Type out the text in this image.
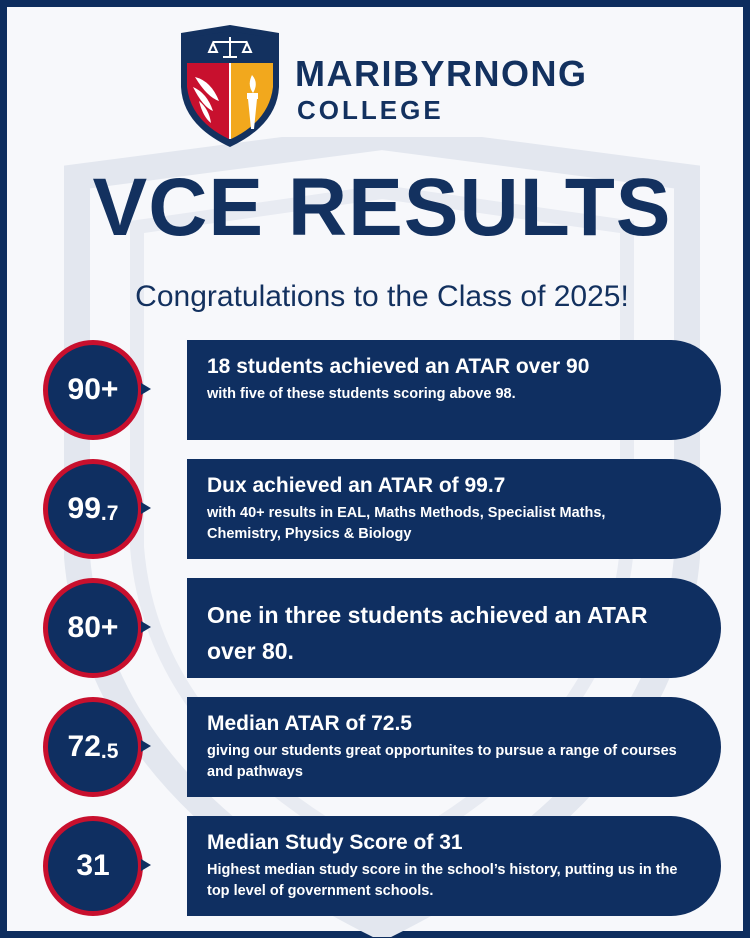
MARIBYRNONG
COLLEGE
VCE RESULTS
Congratulations to the Class of 2025!
18 students achieved an ATAR over 90
with five of these students scoring above 98.
90+
Dux achieved an ATAR of 99.7
with 40+ results in EAL, Maths Methods, Specialist Maths, Chemistry, Physics & Biology
99 .7
One in three students achieved an ATAR over 80.
80+
Median ATAR of 72.5
giving our students great opportunites to pursue a range of courses and pathways
72 .5
Median Study Score of 31
Highest median study score in the school’s history, putting us in the top level of government schools.
31
